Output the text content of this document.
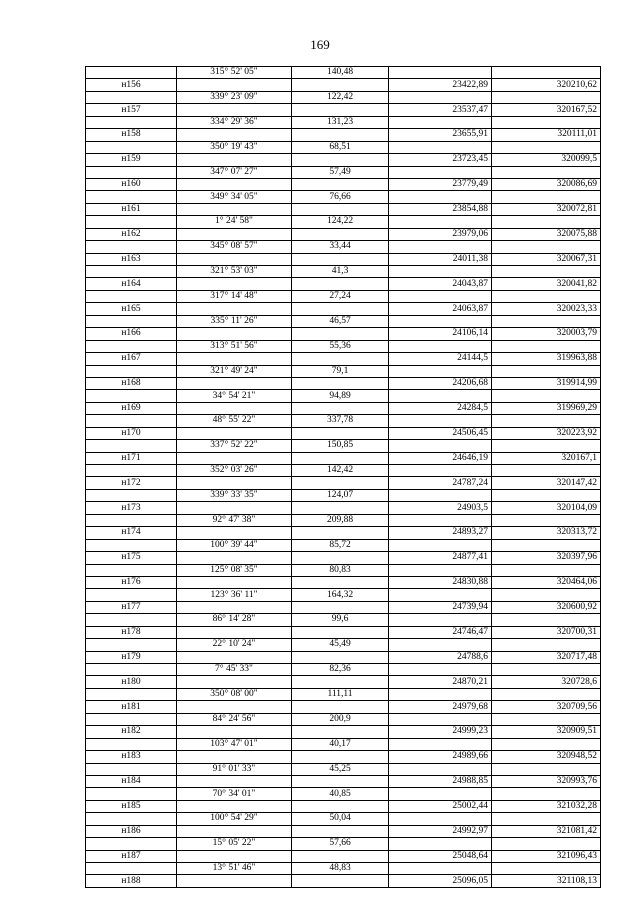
169
	315° 52' 05"	140,48		
н156			23422,89	320210,62
	339° 23' 09"	122,42		
н157			23537,47	320167,52
	334° 29' 36"	131,23		
н158			23655,91	320111,01
	350° 19' 43"	68,51		
н159			23723,45	320099,5
	347° 07' 27"	57,49		
н160			23779,49	320086,69
	349° 34' 05"	76,66		
н161			23854,88	320072,81
	1° 24' 58"	124,22		
н162			23979,06	320075,88
	345° 08' 57"	33,44		
н163			24011,38	320067,31
	321° 53' 03"	41,3		
н164			24043,87	320041,82
	317° 14' 48"	27,24		
н165			24063,87	320023,33
	335° 11' 26"	46,57		
н166			24106,14	320003,79
	313° 51' 56"	55,36		
н167			24144,5	319963,88
	321° 49' 24"	79,1		
н168			24206,68	319914,99
	34° 54' 21"	94,89		
н169			24284,5	319969,29
	48° 55' 22"	337,78		
н170			24506,45	320223,92
	337° 52' 22"	150,85		
н171			24646,19	320167,1
	352° 03' 26"	142,42		
н172			24787,24	320147,42
	339° 33' 35"	124,07		
н173			24903,5	320104,09
	92° 47' 38"	209,88		
н174			24893,27	320313,72
	100° 39' 44"	85,72		
н175			24877,41	320397,96
	125° 08' 35"	80,83		
н176			24830,88	320464,06
	123° 36' 11"	164,32		
н177			24739,94	320600,92
	86° 14' 28"	99,6		
н178			24746,47	320700,31
	22° 10' 24"	45,49		
н179			24788,6	320717,48
	7° 45' 33"	82,36		
н180			24870,21	320728,6
	350° 08' 00"	111,11		
н181			24979,68	320709,56
	84° 24' 56"	200,9		
н182			24999,23	320909,51
	103° 47' 01"	40,17		
н183			24989,66	320948,52
	91° 01' 33"	45,25		
н184			24988,85	320993,76
	70° 34' 01"	40,85		
н185			25002,44	321032,28
	100° 54' 29"	50,04		
н186			24992,97	321081,42
	15° 05' 22"	57,66		
н187			25048,64	321096,43
	13° 51' 46"	48,83		
н188			25096,05	321108,13
